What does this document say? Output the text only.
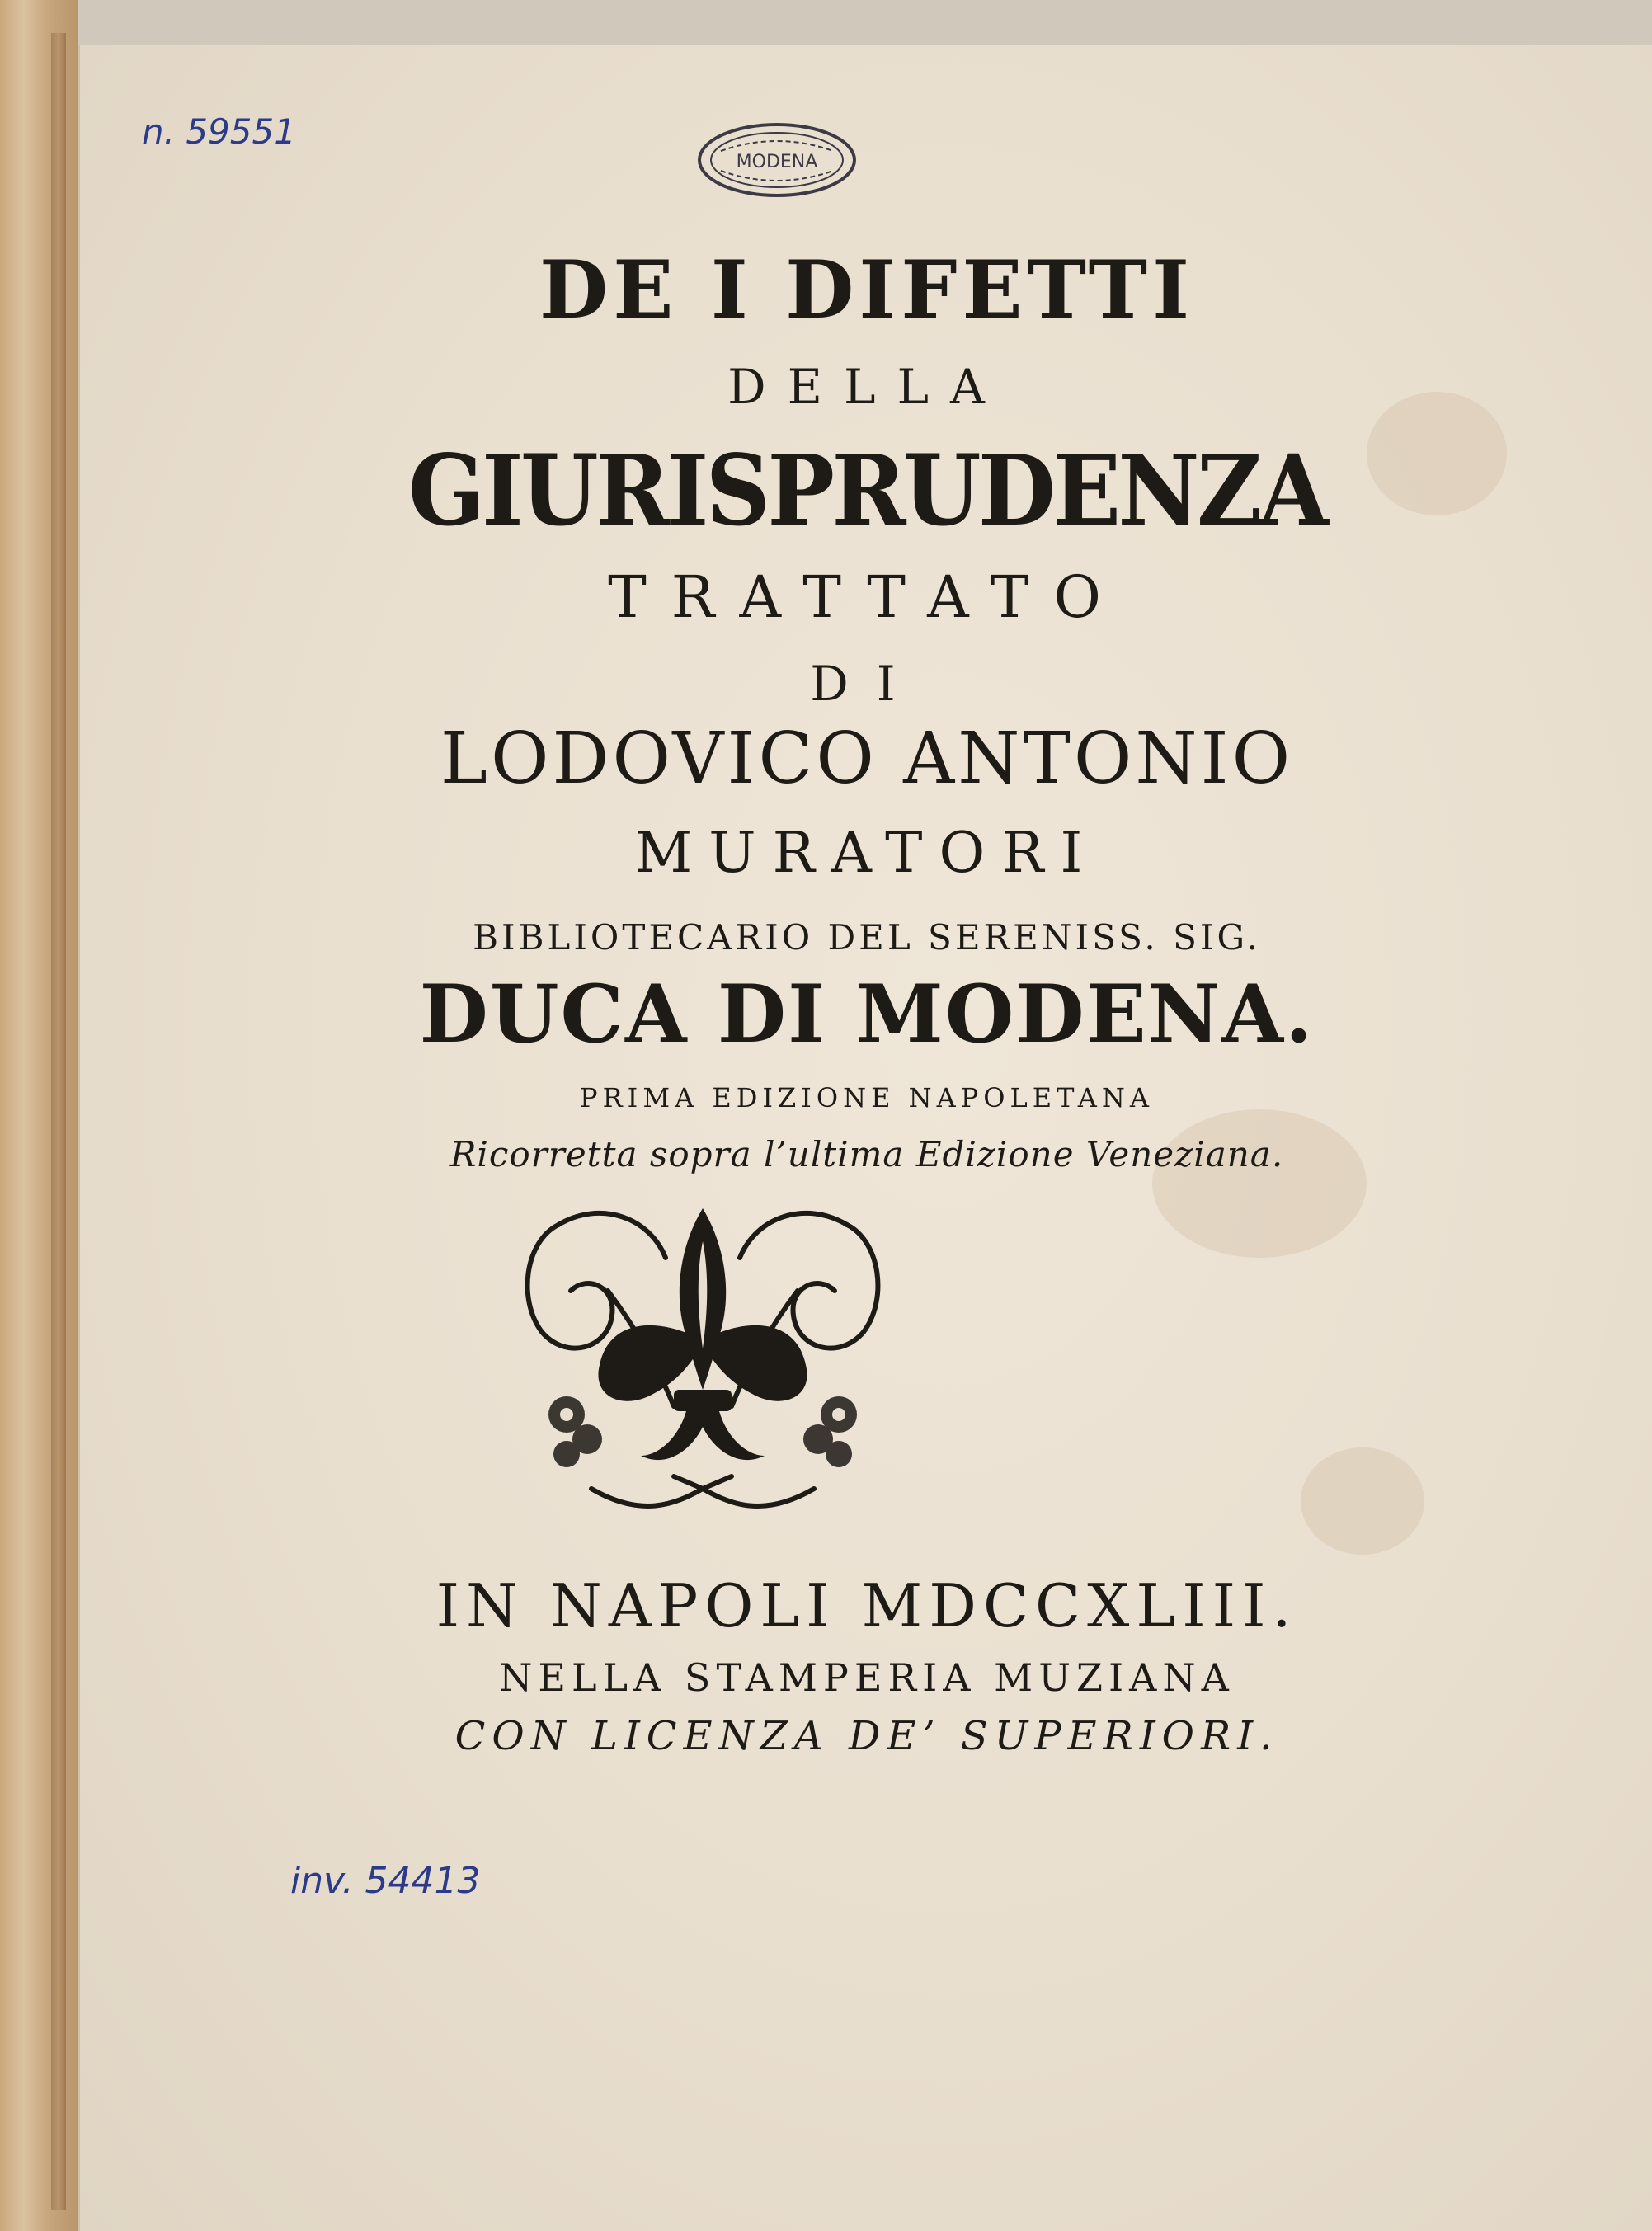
n. 59551
MODENA
DE I DIFETTI
DELLA
GIURISPRUDENZA
TRATTATO
DI
LODOVICO ANTONIO
MURATORI
BIBLIOTECARIO DEL SERENISS. SIG.
DUCA DI MODENA.
PRIMA EDIZIONE NAPOLETANA
Ricorretta sopra l’ultima Edizione Veneziana.
IN NAPOLI MDCCXLIII.
NELLA STAMPERIA MUZIANA
CON LICENZA DE’ SUPERIORI.
inv. 54413
